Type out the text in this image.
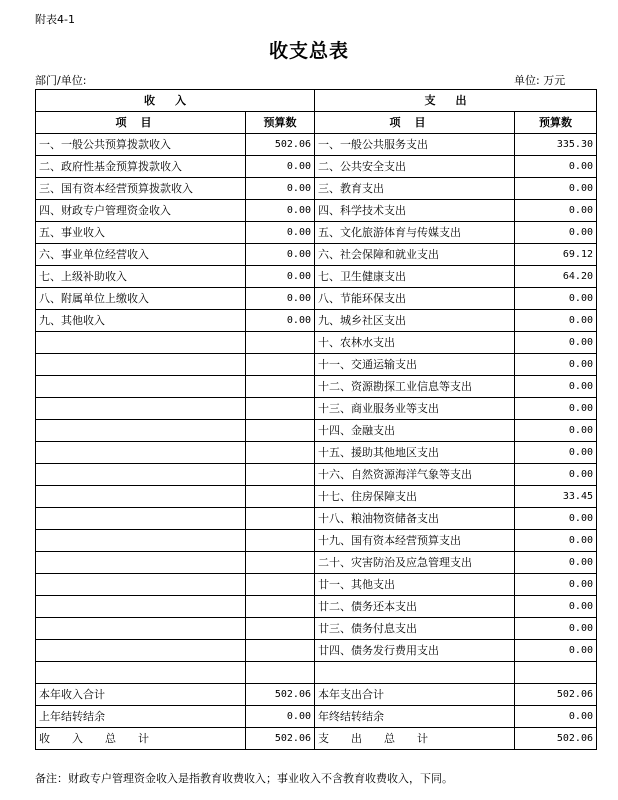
附表4-1
收支总表
部门/单位:	单位: 万元
收入		支出	
项目	预算数	项目	预算数
一、一般公共预算拨款收入	502.06	一、一般公共服务支出	335.30
二、政府性基金预算拨款收入	0.00	二、公共安全支出	0.00
三、国有资本经营预算拨款收入	0.00	三、教育支出	0.00
四、财政专户管理资金收入	0.00	四、科学技术支出	0.00
五、事业收入	0.00	五、文化旅游体育与传媒支出	0.00
六、事业单位经营收入	0.00	六、社会保障和就业支出	69.12
七、上级补助收入	0.00	七、卫生健康支出	64.20
八、附属单位上缴收入	0.00	八、节能环保支出	0.00
九、其他收入	0.00	九、城乡社区支出	0.00
		十、农林水支出	0.00
		十一、交通运输支出	0.00
		十二、资源勘探工业信息等支出	0.00
		十三、商业服务业等支出	0.00
		十四、金融支出	0.00
		十五、援助其他地区支出	0.00
		十六、自然资源海洋气象等支出	0.00
		十七、住房保障支出	33.45
		十八、粮油物资储备支出	0.00
		十九、国有资本经营预算支出	0.00
		二十、灾害防治及应急管理支出	0.00
		廿一、其他支出	0.00
		廿二、债务还本支出	0.00
		廿三、债务付息支出	0.00
		廿四、债务发行费用支出	0.00

本年收入合计	502.06	本年支出合计	502.06
上年结转结余	0.00	年终结转结余	0.00
收入总计	502.06	支出总计	502.06
备注：财政专户管理资金收入是指教育收费收入；事业收入不含教育收费收入，下同。
